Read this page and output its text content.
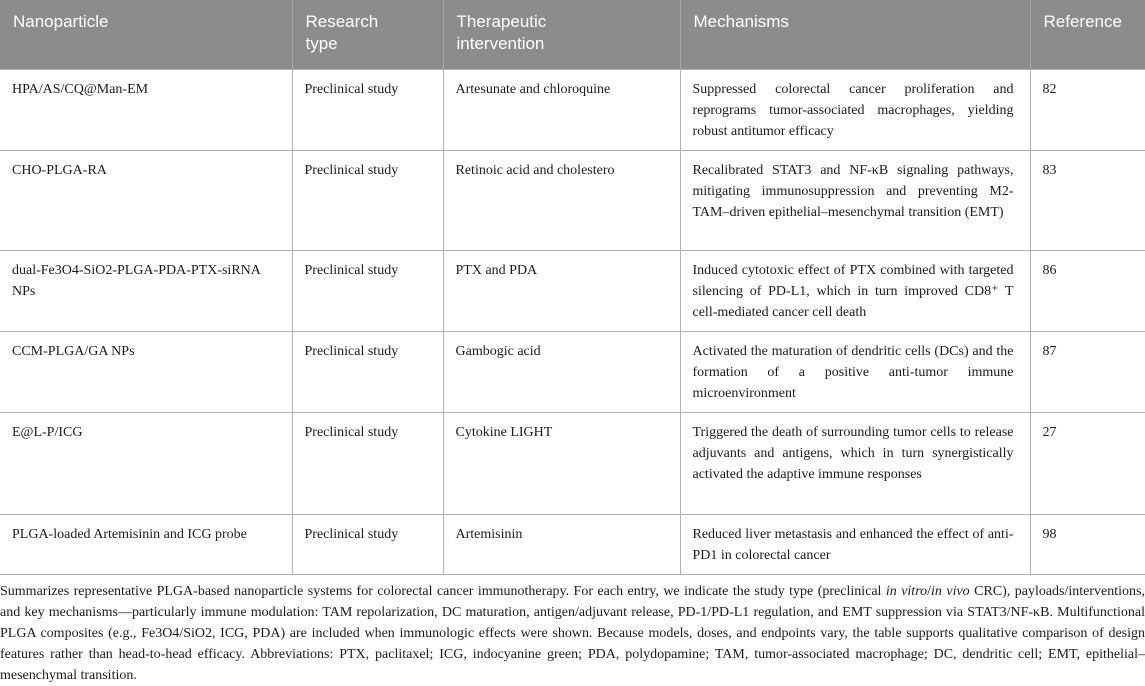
Nanoparticle	Research type	Therapeutic intervention	Mechanisms	Reference
HPA/AS/CQ@Man-EM	Preclinical study	Artesunate and chloroquine	Suppressed colorectal cancer proliferation and reprograms tumor-associated macrophages, yielding robust antitumor efficacy	82
CHO-PLGA-RA	Preclinical study	Retinoic acid and cholestero	Recalibrated STAT3 and NF-κB signaling pathways, mitigating immunosuppression and preventing M2-TAM–driven epithelial–mesenchymal transition (EMT)	83
dual-Fe3O4-SiO2-PLGA-PDA-PTX-siRNA NPs	Preclinical study	PTX and PDA	Induced cytotoxic effect of PTX combined with targeted silencing of PD-L1, which in turn improved CD8⁺ T cell-mediated cancer cell death	86
CCM-PLGA/GA NPs	Preclinical study	Gambogic acid	Activated the maturation of dendritic cells (DCs) and the formation of a positive anti-tumor immune microenvironment	87
E@L-P/ICG	Preclinical study	Cytokine LIGHT	Triggered the death of surrounding tumor cells to release adjuvants and antigens, which in turn synergistically activated the adaptive immune responses	27
PLGA-loaded Artemisinin and ICG probe	Preclinical study	Artemisinin	Reduced liver metastasis and enhanced the effect of anti-PD1 in colorectal cancer	98

Summarizes representative PLGA-based nanoparticle systems for colorectal cancer immunotherapy. For each entry, we indicate the study type (preclinical in vitro/in vivo CRC), payloads/interventions, and key mechanisms—particularly immune modulation: TAM repolarization, DC maturation, antigen/adjuvant release, PD-1/PD-L1 regulation, and EMT suppression via STAT3/NF-κB. Multifunctional PLGA composites (e.g., Fe3O4/SiO2, ICG, PDA) are included when immunologic effects were shown. Because models, doses, and endpoints vary, the table supports qualitative comparison of design features rather than head-to-head efficacy. Abbreviations: PTX, paclitaxel; ICG, indocyanine green; PDA, polydopamine; TAM, tumor-associated macrophage; DC, dendritic cell; EMT, epithelial–mesenchymal transition.
